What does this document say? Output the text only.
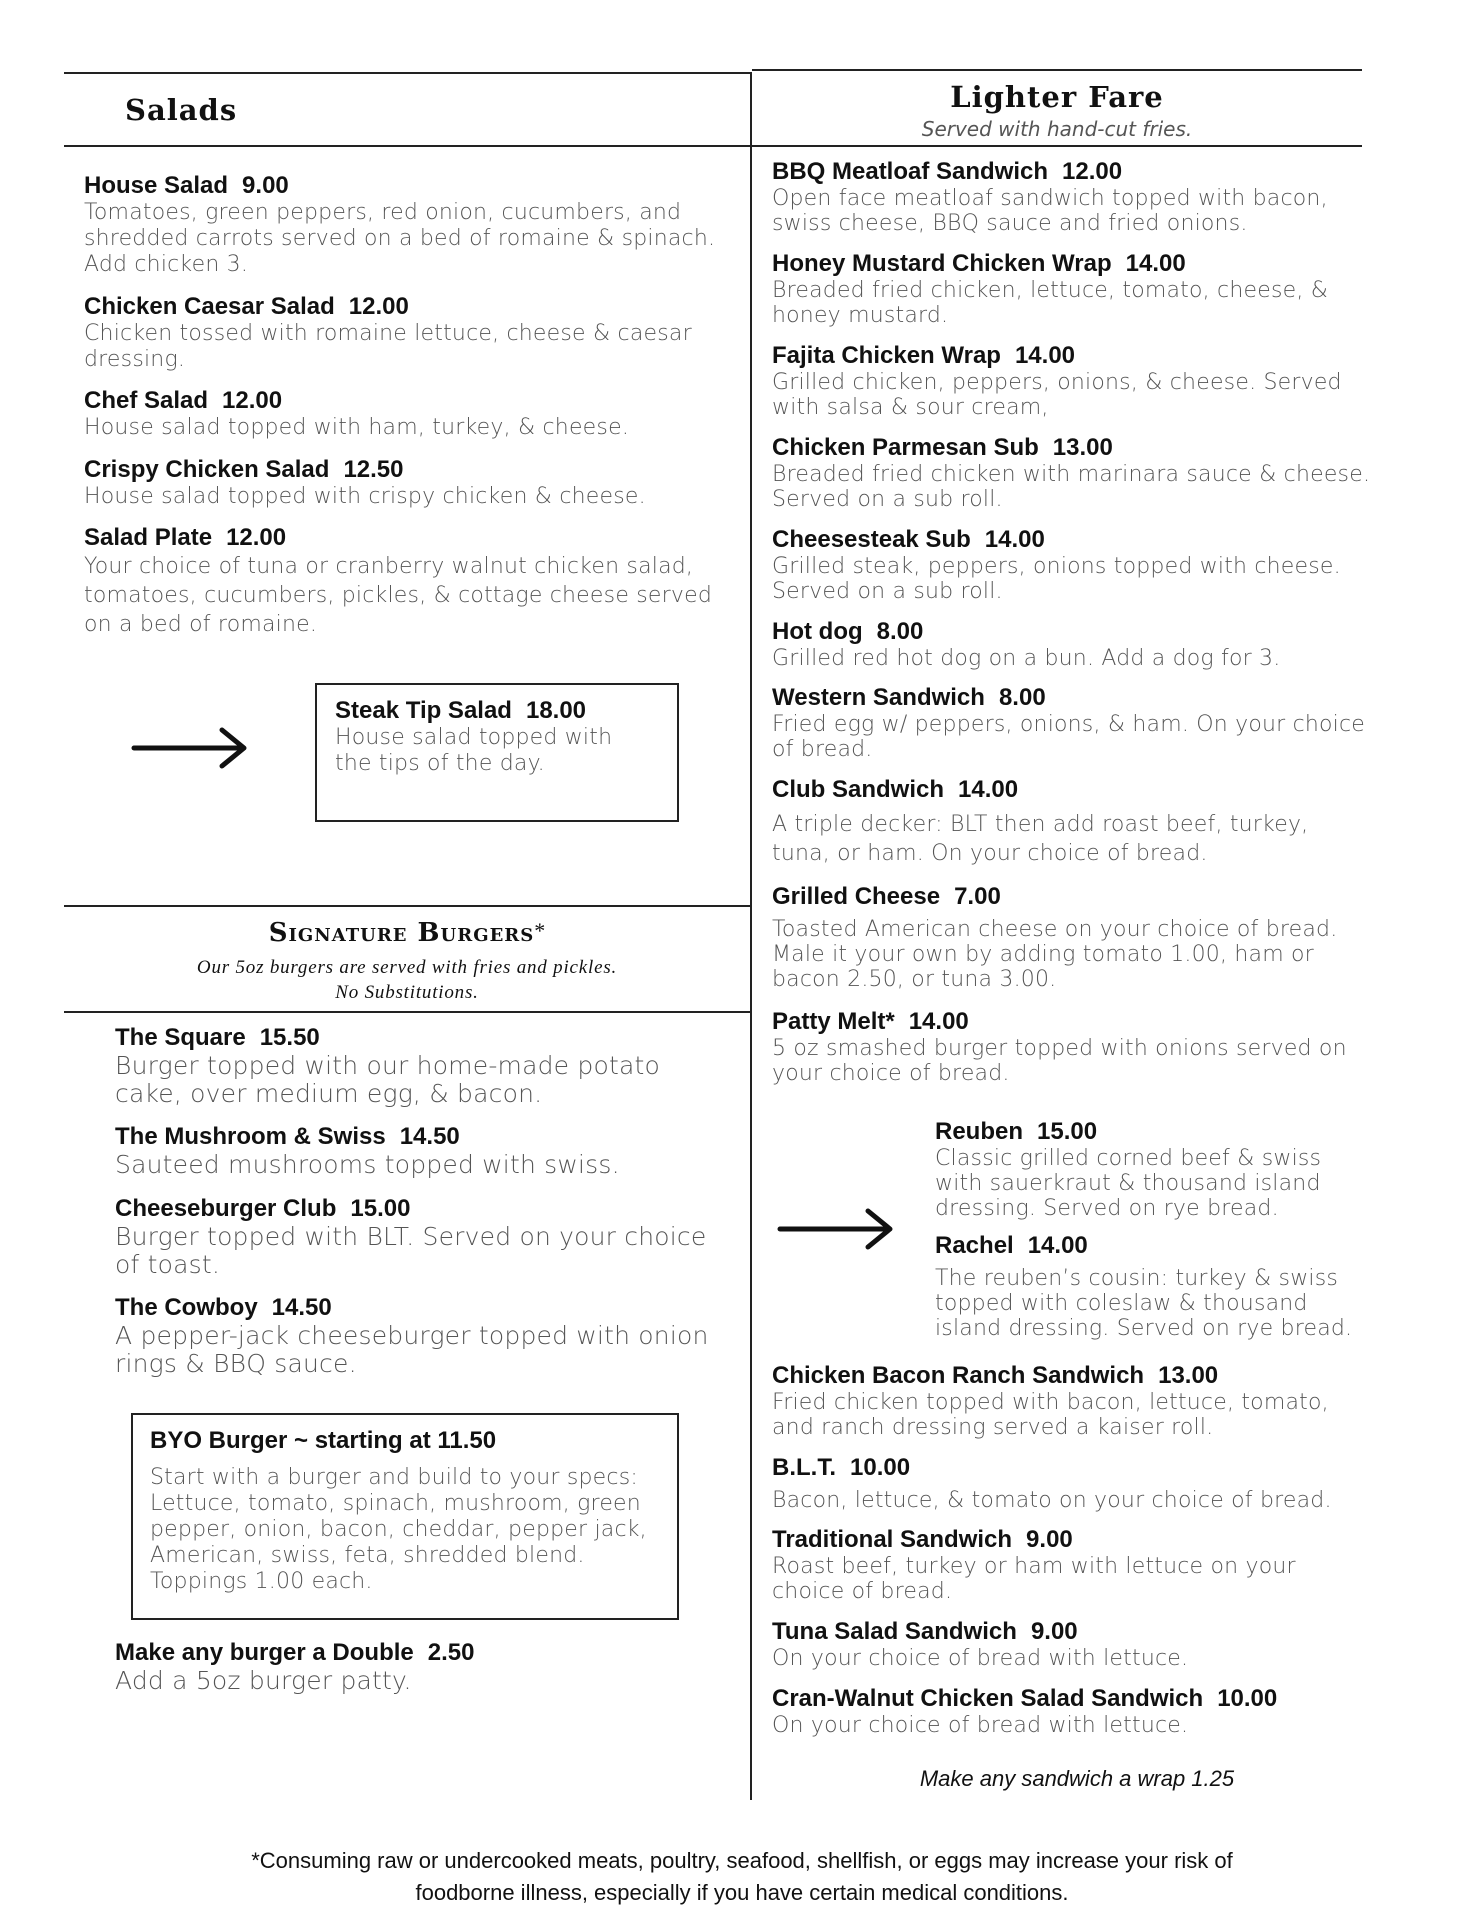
Salads
House Salad 9.00
Tomatoes, green peppers, red onion, cucumbers, and shredded carrots served on a bed of romaine & spinach. Add chicken 3.
Chicken Caesar Salad 12.00
Chicken tossed with romaine lettuce, cheese & caesar dressing.
Chef Salad 12.00
House salad topped with ham, turkey, & cheese.
Crispy Chicken Salad 12.50
House salad topped with crispy chicken & cheese.
Salad Plate 12.00
Your choice of tuna or cranberry walnut chicken salad, tomatoes, cucumbers, pickles, & cottage cheese served on a bed of romaine.
Steak Tip Salad 18.00
House salad topped with the tips of the day.
Signature Burgers*
Our 5oz burgers are served with fries and pickles.
No Substitutions.
The Square 15.50
Burger topped with our home-made potato cake, over medium egg, & bacon.
The Mushroom & Swiss 14.50
Sauteed mushrooms topped with swiss.
Cheeseburger Club 15.00
Burger topped with BLT. Served on your choice of toast.
The Cowboy 14.50
A pepper-jack cheeseburger topped with onion rings & BBQ sauce.
BYO Burger ~ starting at 11.50
Start with a burger and build to your specs: Lettuce, tomato, spinach, mushroom, green pepper, onion, bacon, cheddar, pepper jack, American, swiss, feta, shredded blend. Toppings 1.00 each.
Make any burger a Double 2.50
Add a 5oz burger patty.
Lighter Fare
Served with hand-cut fries.
BBQ Meatloaf Sandwich 12.00
Open face meatloaf sandwich topped with bacon, swiss cheese, BBQ sauce and fried onions.
Honey Mustard Chicken Wrap 14.00
Breaded fried chicken, lettuce, tomato, cheese, & honey mustard.
Fajita Chicken Wrap 14.00
Grilled chicken, peppers, onions, & cheese. Served with salsa & sour cream,
Chicken Parmesan Sub 13.00
Breaded fried chicken with marinara sauce & cheese. Served on a sub roll.
Cheesesteak Sub 14.00
Grilled steak, peppers, onions topped with cheese. Served on a sub roll.
Hot dog 8.00
Grilled red hot dog on a bun. Add a dog for 3.
Western Sandwich 8.00
Fried egg w/ peppers, onions, & ham. On your choice of bread.
Club Sandwich 14.00
A triple decker: BLT then add roast beef, turkey, tuna, or ham. On your choice of bread.
Grilled Cheese 7.00
Toasted American cheese on your choice of bread. Male it your own by adding tomato 1.00, ham or bacon 2.50, or tuna 3.00.
Patty Melt* 14.00
5 oz smashed burger topped with onions served on your choice of bread.
Reuben 15.00
Classic grilled corned beef & swiss with sauerkraut & thousand island dressing. Served on rye bread.
Rachel 14.00
The reuben’s cousin: turkey & swiss topped with coleslaw & thousand island dressing. Served on rye bread.
Chicken Bacon Ranch Sandwich 13.00
Fried chicken topped with bacon, lettuce, tomato, and ranch dressing served a kaiser roll.
B.L.T. 10.00
Bacon, lettuce, & tomato on your choice of bread.
Traditional Sandwich 9.00
Roast beef, turkey or ham with lettuce on your choice of bread.
Tuna Salad Sandwich 9.00
On your choice of bread with lettuce.
Cran-Walnut Chicken Salad Sandwich 10.00
On your choice of bread with lettuce.
Make any sandwich a wrap 1.25
*Consuming raw or undercooked meats, poultry, seafood, shellfish, or eggs may increase your risk of
foodborne illness, especially if you have certain medical conditions.
